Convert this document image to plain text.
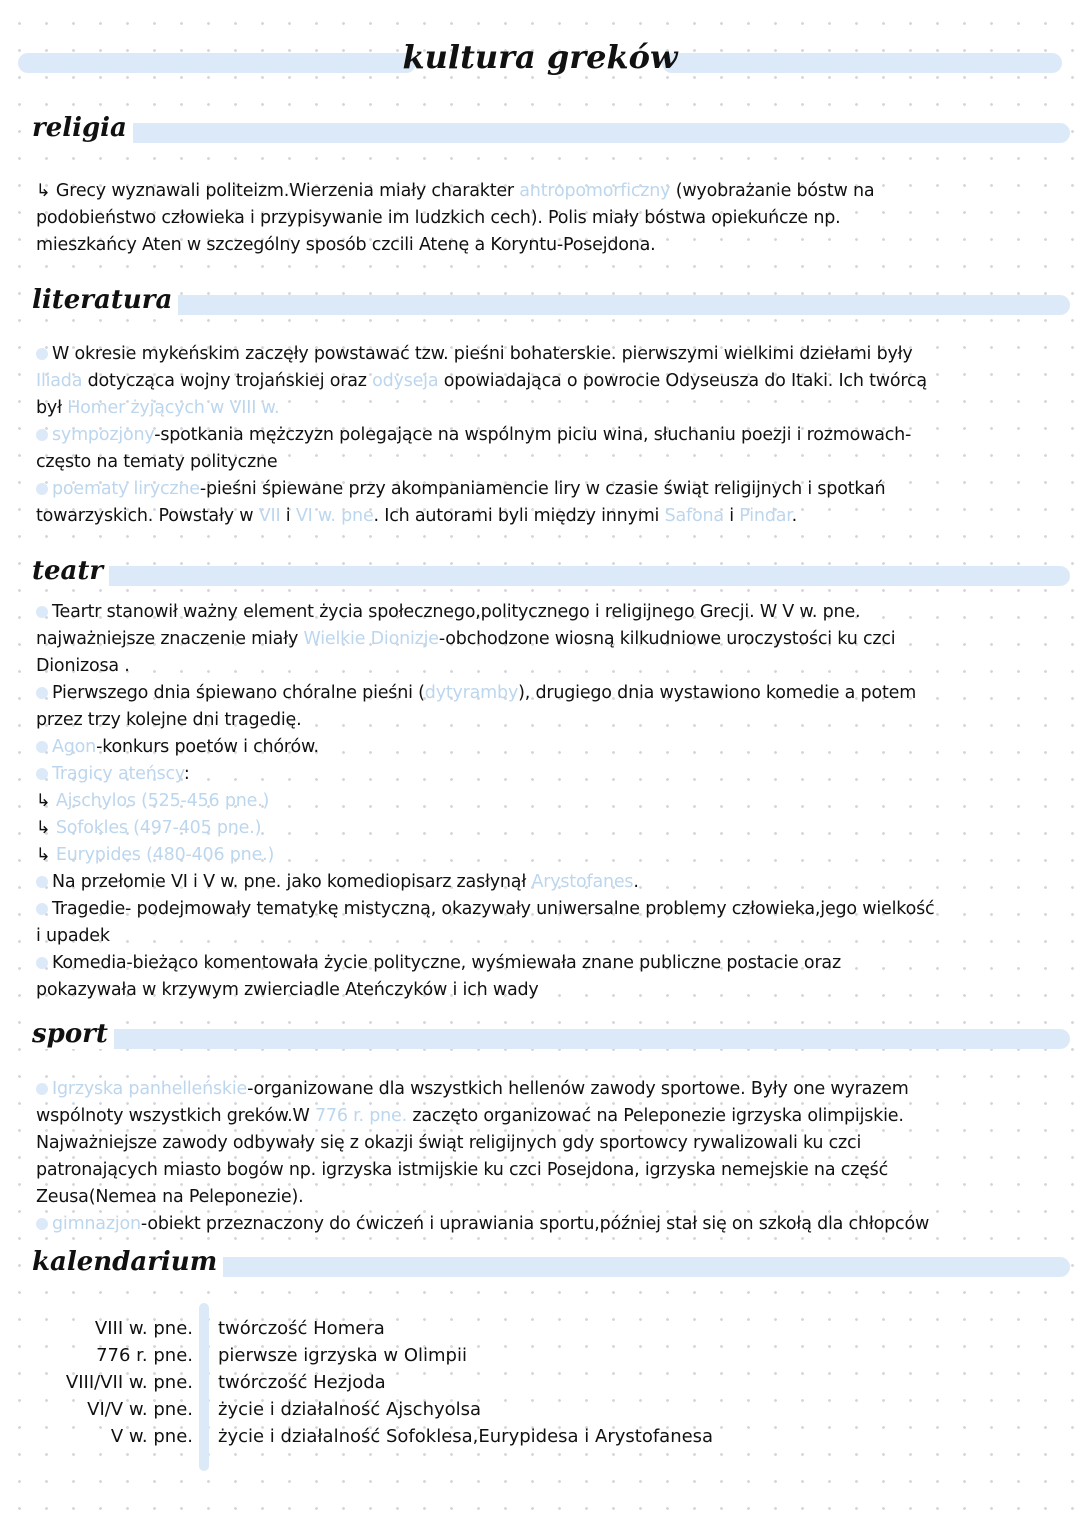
kultura greków
religia
↳ Grecy wyznawali politeizm.Wierzenia miały charakter antropomorficzny (wyobrażanie bóstw na
podobieństwo człowieka i przypisywanie im ludzkich cech). Polis miały bóstwa opiekuńcze np.
mieszkańcy Aten w szczególny sposób czcili Atenę a Koryntu-Posejdona.
literatura
W okresie mykeńskim zaczęły powstawać tzw. pieśni bohaterskie. pierwszymi wielkimi dziełami były
Iliada dotycząca wojny trojańskiej oraz odyseja opowiadająca o powrocie Odyseusza do Itaki. Ich twórcą
był Homer żyjących w VIII w.
sympozjony-spotkania mężczyzn polegające na wspólnym piciu wina, słuchaniu poezji i rozmowach-
często na tematy polityczne
poematy liryczne-pieśni śpiewane przy akompaniamencie liry w czasie świąt religijnych i spotkań
towarzyskich. Powstały w VII i VI w. pne. Ich autorami byli między innymi Safona i Pindar.
teatr
Teartr stanowił ważny element życia społecznego,politycznego i religijnego Grecji. W V w. pne.
najważniejsze znaczenie miały Wielkie Dionizje-obchodzone wiosną kilkudniowe uroczystości ku czci
Dionizosa .
Pierwszego dnia śpiewano chóralne pieśni (dytyramby), drugiego dnia wystawiono komedie a potem
przez trzy kolejne dni tragedię.
Agon-konkurs poetów i chórów.
Tragicy ateńscy:
↳ Ajschylos (525-456 pne.)
↳ Sofokles (497-405 pne.)
↳ Eurypides (480-406 pne.)
Na przełomie VI i V w. pne. jako komediopisarz zasłynął Arystofanes.
Tragedie- podejmowały tematykę mistyczną, okazywały uniwersalne problemy człowieka,jego wielkość
i upadek
Komedia-bieżąco komentowała życie polityczne, wyśmiewała znane publiczne postacie oraz
pokazywała w krzywym zwierciadle Ateńczyków i ich wady
sport
Igrzyska panhelleńskie-organizowane dla wszystkich hellenów zawody sportowe. Były one wyrazem
wspólnoty wszystkich greków.W 776 r. pne. zaczęto organizować na Peleponezie igrzyska olimpijskie.
Najważniejsze zawody odbywały się z okazji świąt religijnych gdy sportowcy rywalizowali ku czci
patronających miasto bogów np. igrzyska istmijskie ku czci Posejdona, igrzyska nemejskie na część
Zeusa(Nemea na Peleponezie).
gimnazjon-obiekt przeznaczony do ćwiczeń i uprawiania sportu,później stał się on szkołą dla chłopców
kalendarium
VIII w. pne. twórczość Homera
776 r. pne. pierwsze igrzyska w Olimpii
VIII/VII w. pne. twórczość Hezjoda
VI/V w. pne. życie i działalność Ajschyolsa
V w. pne. życie i działalność Sofoklesa,Eurypidesa i Arystofanesa
